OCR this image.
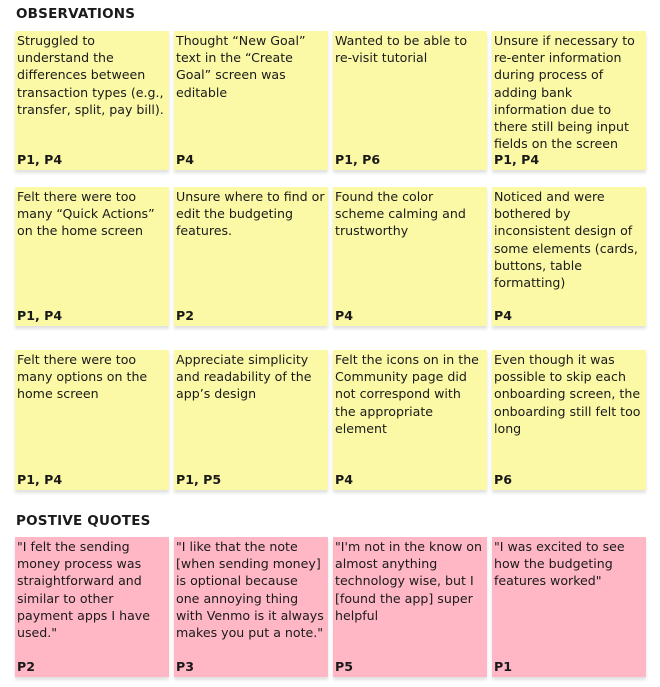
OBSERVATIONS
Struggled to understand the differences between transaction types (e.g., transfer, split, pay bill).
P1, P4
Thought “New Goal” text in the “Create Goal” screen was editable
P4
Wanted to be able to re-visit tutorial
P1, P6
Unsure if necessary to re-enter information during process of adding bank information due to there still being input fields on the screen
P1, P4
Felt there were too many “Quick Actions” on the home screen
P1, P4
Unsure where to find or edit the budgeting features.
P2
Found the color scheme calming and trustworthy
P4
Noticed and were bothered by inconsistent design of some elements (cards, buttons, table formatting)
P4
Felt there were too many options on the home screen
P1, P4
Appreciate simplicity and readability of the app’s design
P1, P5
Felt the icons on in the Community page did not correspond with the appropriate element
P4
Even though it was possible to skip each onboarding screen, the onboarding still felt too long
P6
POSTIVE QUOTES
"I felt the sending money process was straightforward and similar to other payment apps I have used."
P2
"I like that the note [when sending money] is optional because one annoying thing with Venmo is it always makes you put a note."
P3
"I'm not in the know on almost anything technology wise, but I [found the app] super helpful
P5
"I was excited to see how the budgeting features worked"
P1
